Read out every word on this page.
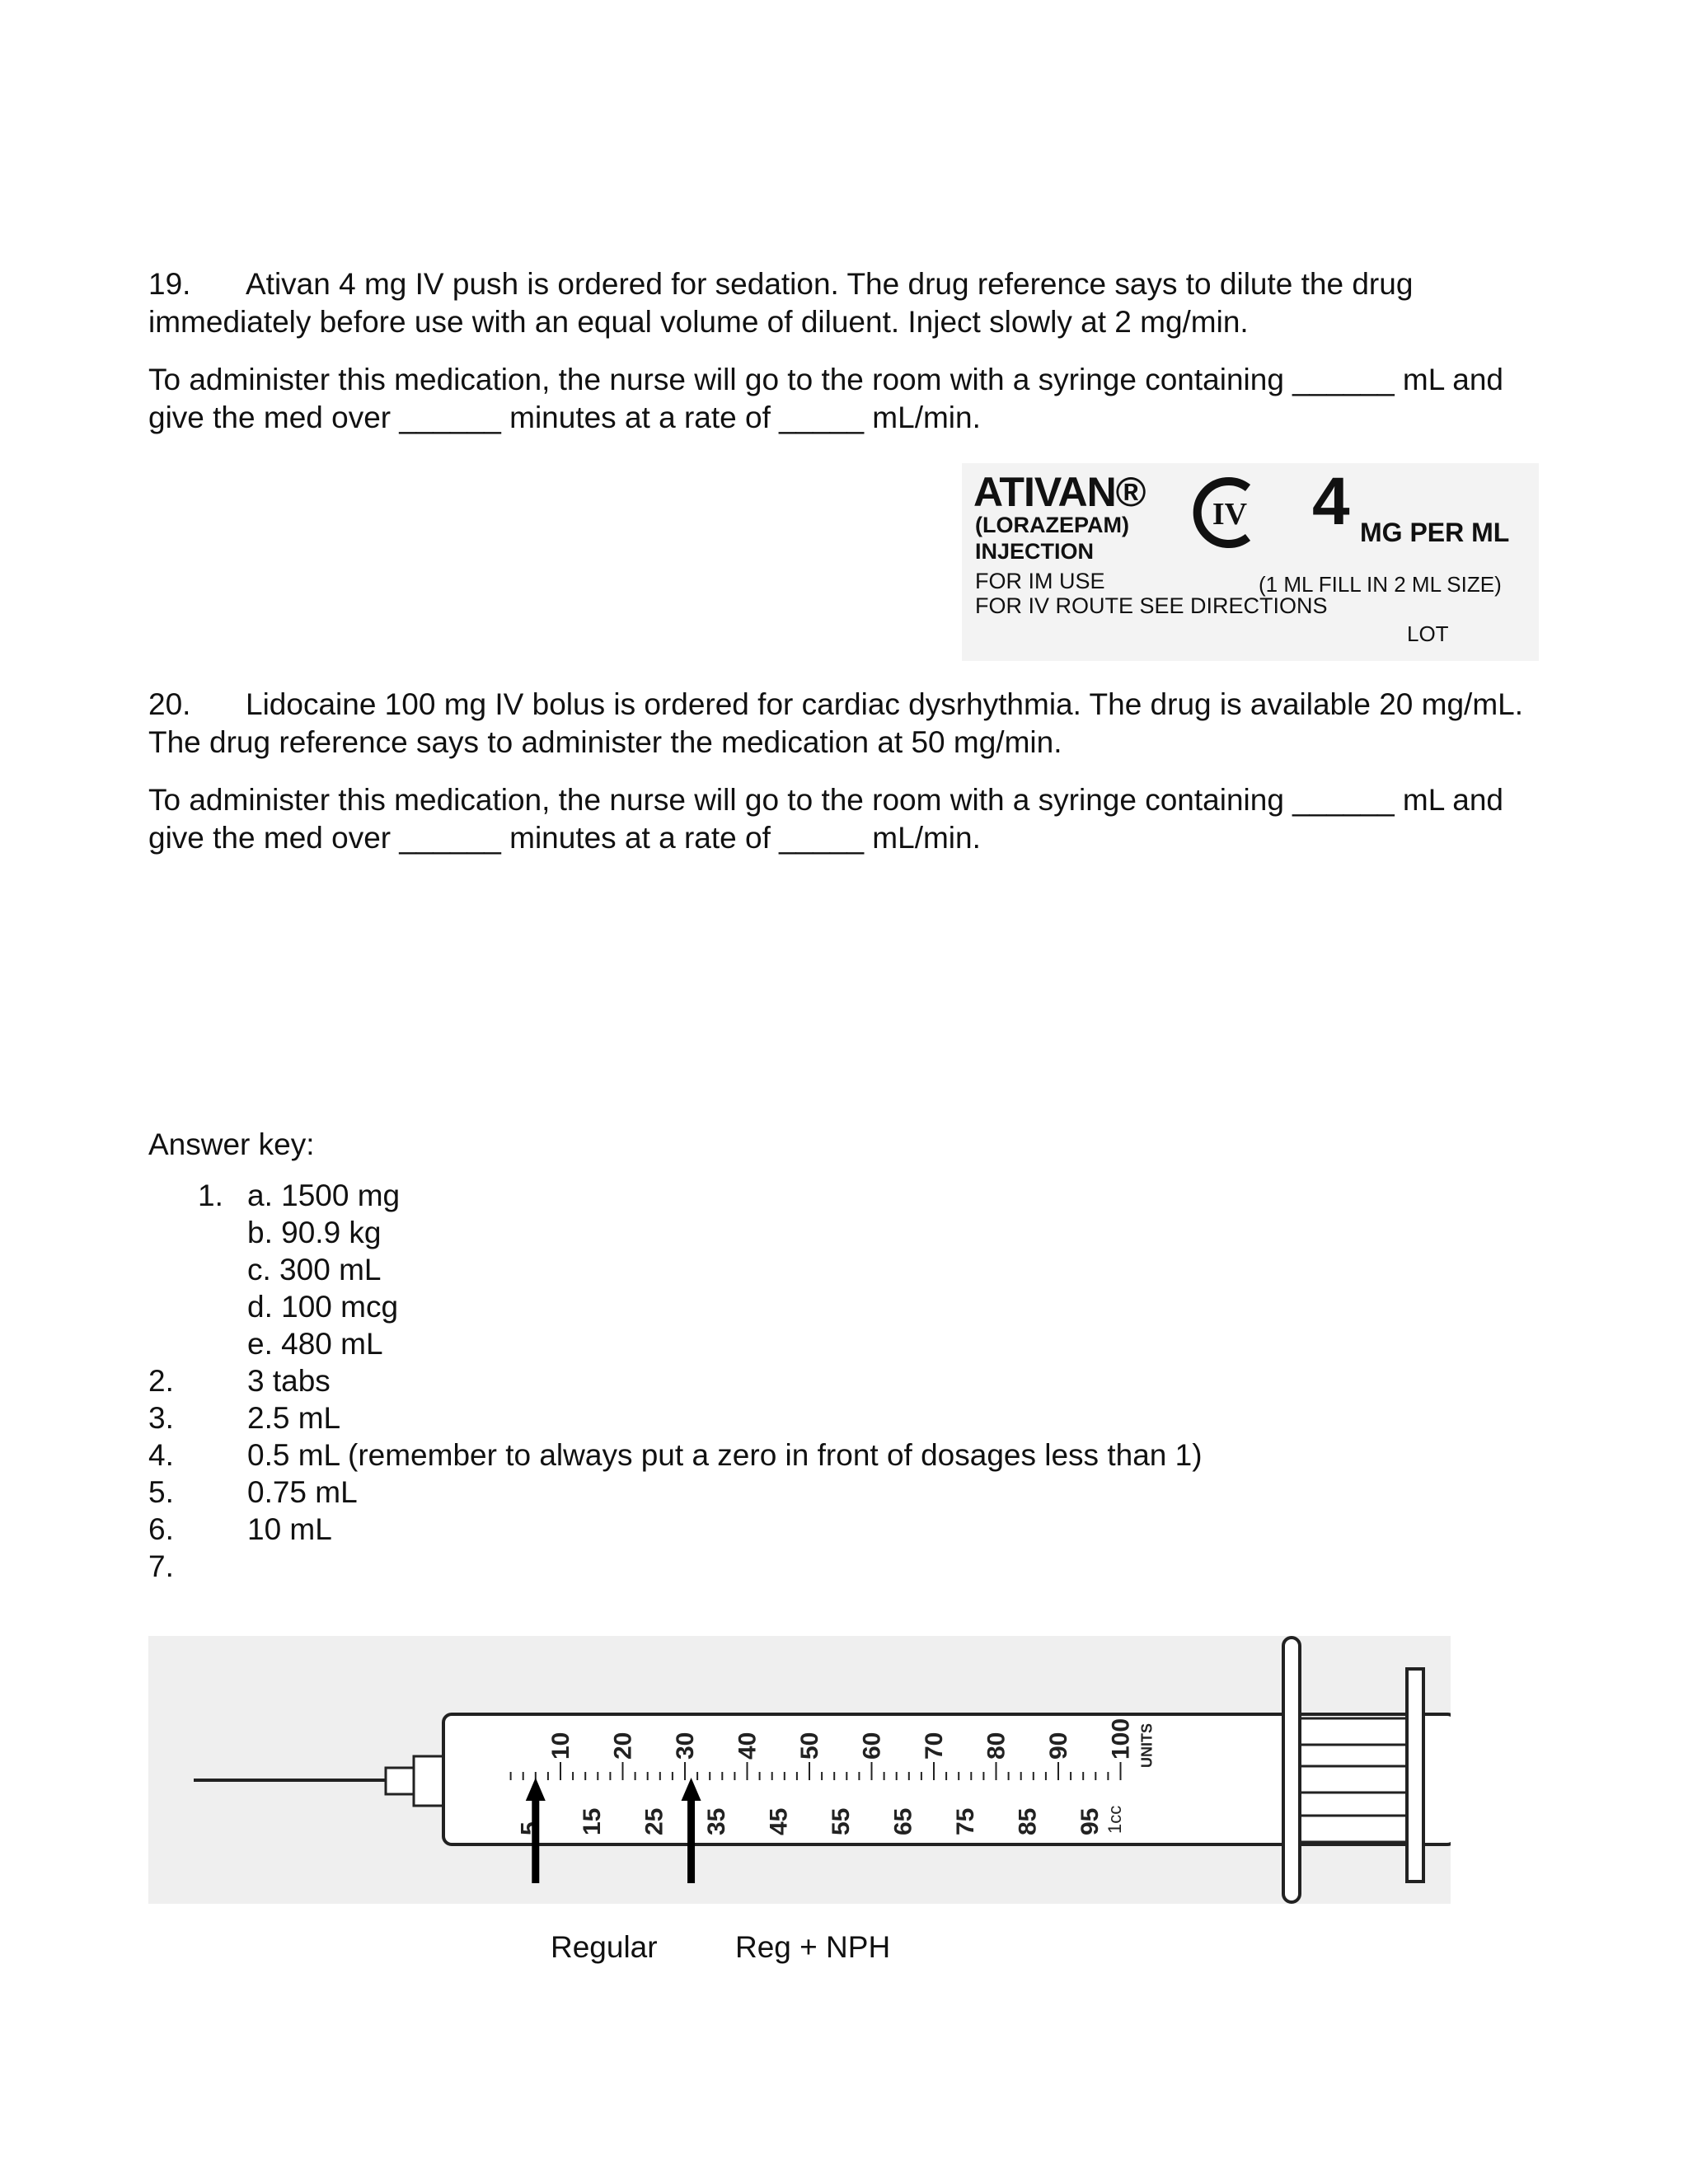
19. Ativan 4 mg IV push is ordered for sedation. The drug reference says to dilute the drug

immediately before use with an equal volume of diluent. Inject slowly at 2 mg/min.

To administer this medication, the nurse will go to the room with a syringe containing ______ mL and

give the med over ______ minutes at a rate of _____ mL/min.

ATIVAN®
(LORAZEPAM)
INJECTION
IV 4 MG PER ML
FOR IM USE	(1 ML FILL IN 2 ML SIZE)
FOR IV ROUTE SEE DIRECTIONS
LOT

20. Lidocaine 100 mg IV bolus is ordered for cardiac dysrhythmia. The drug is available 20 mg/mL.

The drug reference says to administer the medication at 50 mg/min.

To administer this medication, the nurse will go to the room with a syringe containing ______ mL and

give the med over ______ minutes at a rate of _____ mL/min.

Answer key:
1. a. 1500 mg
b. 90.9 kg
c. 300 mL
d. 100 mcg
e. 480 mL
2. 3 tabs
3. 2.5 mL
4. 0.5 mL (remember to always put a zero in front of dosages less than 1)
5. 0.75 mL
6. 10 mL
7.
10 20 30 40 50 60 70 80 90 100
5 15 25 35 45 55 65 75 85 95
UNITS
1cc
Regular	Reg + NPH
